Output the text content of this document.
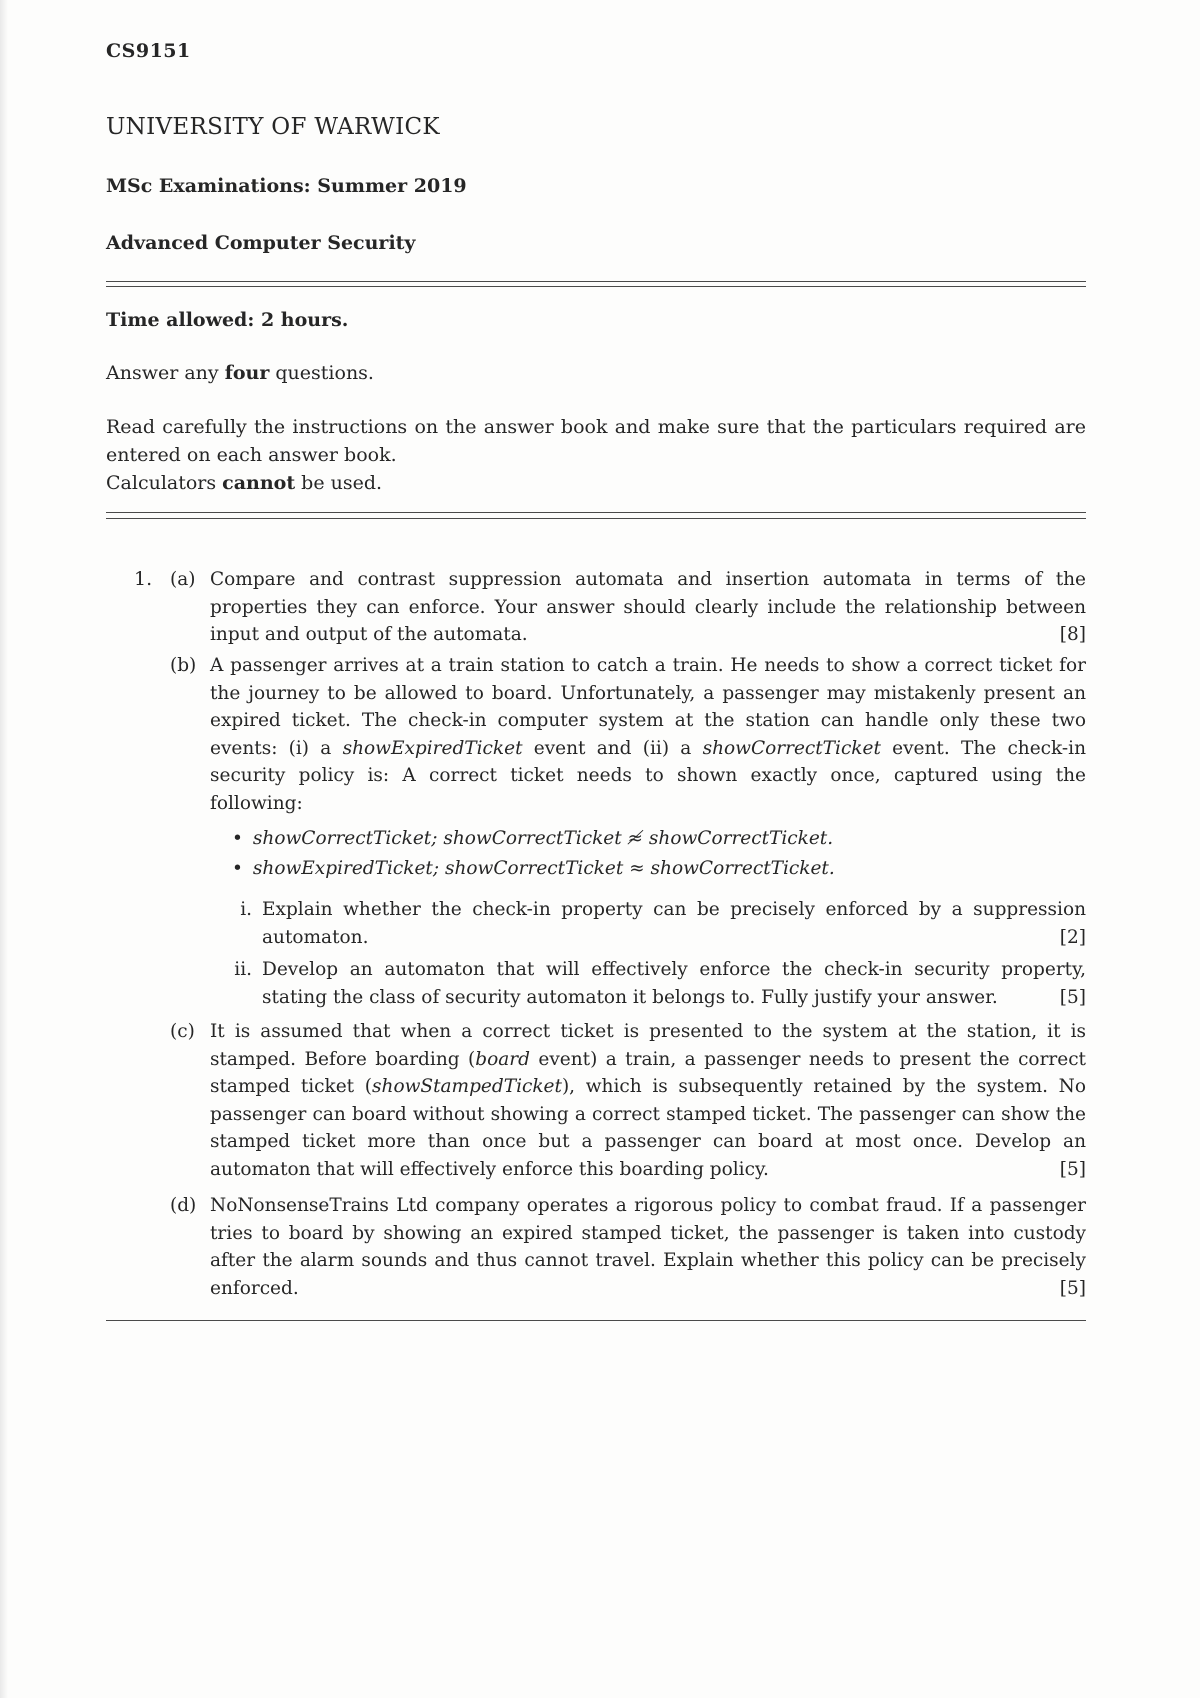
CS9151
UNIVERSITY OF WARWICK
MSc Examinations: Summer 2019
Advanced Computer Security
Time allowed: 2 hours.
Answer any four questions.
Read carefully the instructions on the answer book and make sure that the particulars required are entered on each answer book.
Calculators cannot be used.
1. (a) Compare and contrast suppression automata and insertion automata in terms of the properties they can enforce. Your answer should clearly include the relationship between input and output of the automata.	[8]
(b) A passenger arrives at a train station to catch a train. He needs to show a correct ticket for the journey to be allowed to board. Unfortunately, a passenger may mistakenly present an expired ticket. The check-in computer system at the station can handle only these two events: (i) a showExpiredTicket event and (ii) a showCorrectTicket event. The check-in security policy is: A correct ticket needs to shown exactly once, captured using the following:
• showCorrectTicket; showCorrectTicket ≉ showCorrectTicket.
• showExpiredTicket; showCorrectTicket ≈ showCorrectTicket.
i. Explain whether the check-in property can be precisely enforced by a suppression automaton.	[2]
ii. Develop an automaton that will effectively enforce the check-in security property, stating the class of security automaton it belongs to. Fully justify your answer.	[5]
(c) It is assumed that when a correct ticket is presented to the system at the station, it is stamped. Before boarding (board event) a train, a passenger needs to present the correct stamped ticket (showStampedTicket), which is subsequently retained by the system. No passenger can board without showing a correct stamped ticket. The passenger can show the stamped ticket more than once but a passenger can board at most once. Develop an automaton that will effectively enforce this boarding policy.	[5]
(d) NoNonsenseTrains Ltd company operates a rigorous policy to combat fraud. If a passenger tries to board by showing an expired stamped ticket, the passenger is taken into custody after the alarm sounds and thus cannot travel. Explain whether this policy can be precisely enforced.	[5]
